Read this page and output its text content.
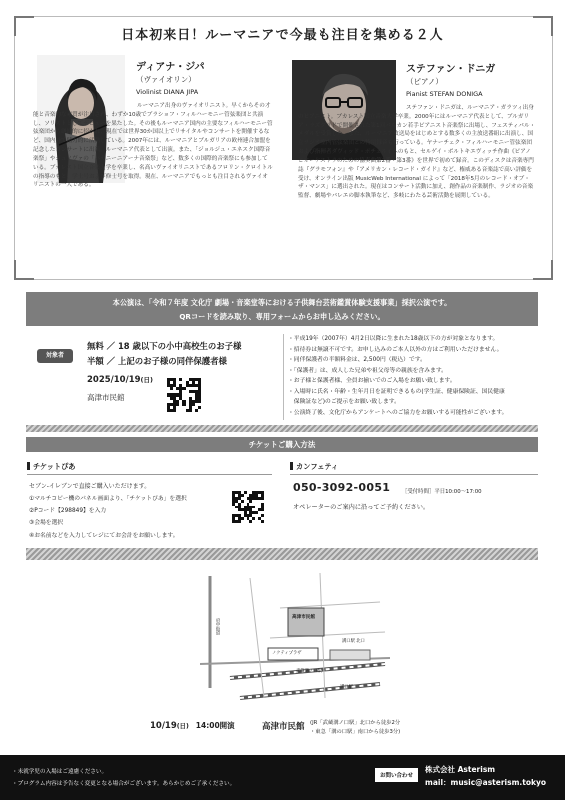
日本初来日！ルーマニアで今最も注目を集める２人
ディアナ・ジパ
（ヴァイオリン）
Violinist DIANA JIPA
ルーマニア出身のヴァイオリニスト。早くからその才能と音楽的な素質が注目され、わずか10歳でブラショフ・フィルハーモニー管弦楽団と共演し、ソリストとしてデビューを果たした。その後もルーマニア国内の主要なフィルハーモニー管弦楽団から継続的に招かれ、現在では世界30か国以上でリサイタルやコンサートを開催するなど、国内外で精力的に活動している。2007年には、ルーマニアとブルガリアの欧州連合加盟を記念したコンサートに出演。ルーマニア代表として出演。また、「ジョルジュ・エネスク国際音楽祭」やジュノヴァの「パガニーニアーナ音楽祭」など、数多くの国際的音楽祭にも参加している。ブカレスト国立音楽大学を卒業し、名高いヴァイオリニストであるフロリン・クロイトルの指導のもと、学士号および修士号を取得。現在、ルーマニアでもっとも注目されるヴァイオリニストの一人である。
ステファン・ドニガ
（ピアノ）
Pianist STEFAN DONIGA
ステファン・ドニガは、ルーマニア・ガラツィ出身のピアニスト。ブカレスト国立音楽大学卒業。2000年にはルーマニア代表として、ブルガリア・ラズグラドで開催された第1回バルカン若手ピアニスト音楽祭に出場し、フェスティバル・メダルを受賞した。また、ルーマニア放送局をはじめとする数多くの主放送番組に出演し、国立ラジオ室内管弦楽団との特別録音も行っている。ヤナーチェク・フィルハーモニー管弦楽団および指揮者ダヴィッド・ポチェルイヘのもと、セルゲイ・ボルトキエヴィッチ作曲《ピアノとオーケストラのための協奏曲第2番・第3番》を世界で初めて録音。このディスクは音楽専門誌『グラモフォン』や『アメリカン・レコード・ガイド』など、権威ある音楽誌で高い評価を受け、オンライン出版 MusicWeb International によって「2018年5月のレコード・オブ・ザ・マンス」に選出された。現在はコンサート活動に加え、創作品の音楽制作、ラジオの音楽監督、劇場やバレエの脚本執筆など、多岐にわたる芸術活動を展開している。
本公演は、「令和７年度 文化庁 劇場・音楽堂等における子供舞台芸術鑑賞体験支援事業」採択公演です。
QRコードを読み取り、専用フォームからお申し込みください。
対象者
無料 ／ 18 歳以下の小中高校生のお子様
半額 ／ 上記のお子様の同伴保護者様
2025/10/19(日)
高津市民館
・平成19年（2007年）4月2日以降に生まれた18歳以下の方が対象となります。
・招待券は無譲不可です。お申し込みのご本人以外の方はご利用いただけません。
・同伴保護者の半額料金は、2,500円（税込）です。
・「保護者」は、成人した兄弟や祖父母等の親族を含みます。
・お子様と保護者様、全員お揃いでのご入場をお願い致します。
・入場時に氏名・年齢・生年月日を証明できるもの(学生証、健康保険証、国民健康
　保険証など)のご提示をお願い致します。
・公演終了後、文化庁からアンケートへのご協力をお願いする可能性がございます。
チケットご購入方法
チケットぴあ
セブン-イレブンで直接ご購入いただけます。
①マルチコピー機のパネル画面より、「チケットぴあ」を選択
②Pコード【298849】を入力
③会場を選択
④お名前などを入力してレジにてお会計をお願いします。
カンフェティ
050-3092-0051 ［受付時間］平日10:00～17:00
オペレーターのご案内に沿ってご予約ください。
高津市民館
ノクティプラザ
溝口駅
武蔵溝ノ口駅
府中街道
溝口駅 北口
10/19(日) 14:00開演	高津市民館 (JR「武蔵溝ノ口駅」北口から徒歩2分
・東急「溝の口駅」南口から徒歩3分)
・未就学児の入場はご遠慮ください。
・プログラム内容は予告なく変更となる場合がございます。あらかじめご了承ください。
お問い合わせ
株式会社 Asterism
mail：music@asterism.tokyo
